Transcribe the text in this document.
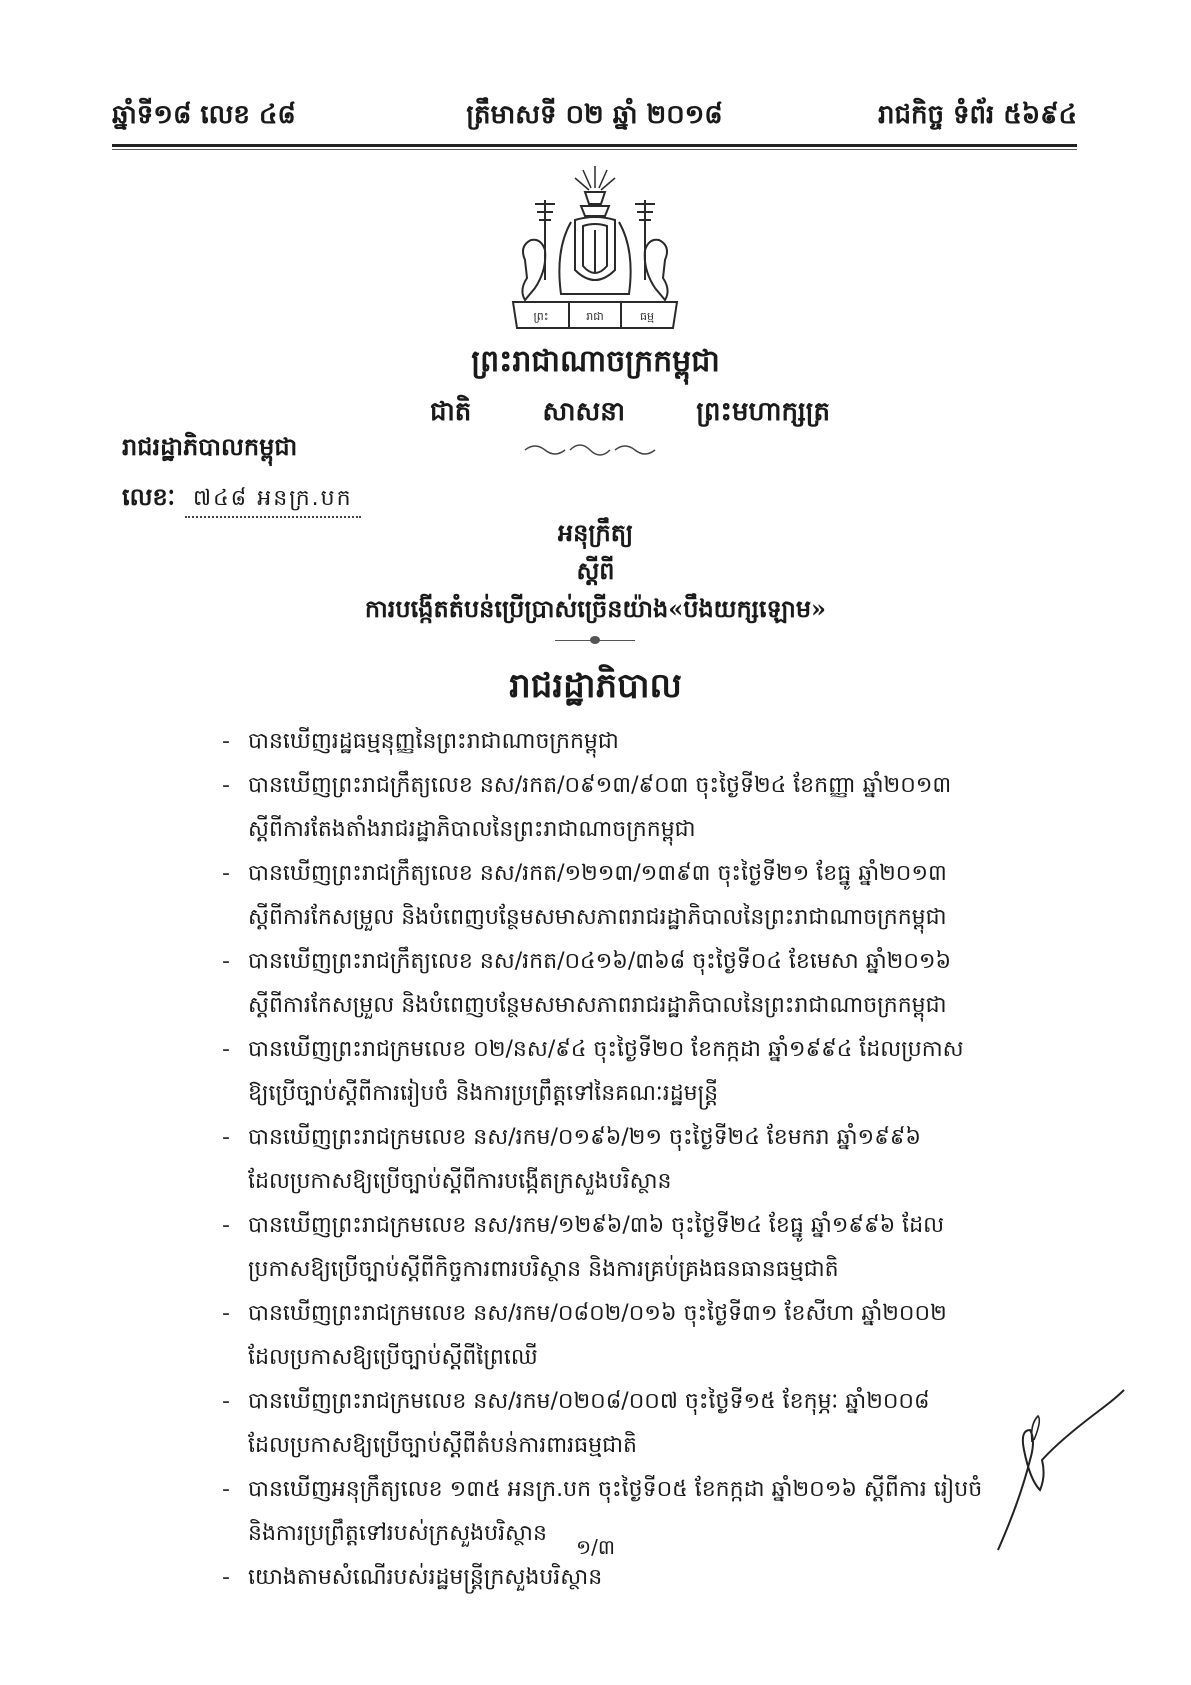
ឆ្នាំទី១៨ លេខ ៤៨	ត្រឹមាសទី ០២ ឆ្នាំ ២០១៨	រាជកិច្ច ទំព័រ ៥៦៩៤
ព្រះ	រាជា	ធម្ម
ព្រះរាជាណាចក្រកម្ពុជា
ជាតិ	សាសនា	ព្រះមហាក្សត្រ
រាជរដ្ឋាភិបាលកម្ពុជា
លេខៈ ៧៤៨ អនក្រ.បក
អនុក្រឹត្យ
ស្តីពី
ការបង្កើតតំបន់ប្រើប្រាស់ច្រើនយ៉ាង«បឹងយក្សឡោម»
រាជរដ្ឋាភិបាល
- បានឃើញរដ្ឋធម្មនុញ្ញនៃព្រះរាជាណាចក្រកម្ពុជា
- បានឃើញព្រះរាជក្រឹត្យលេខ នស/រកត/០៩១៣/៩០៣ ចុះថ្ងៃទី២៤ ខែកញ្ញា ឆ្នាំ២០១៣
ស្តីពីការតែងតាំងរាជរដ្ឋាភិបាលនៃព្រះរាជាណាចក្រកម្ពុជា
- បានឃើញព្រះរាជក្រឹត្យលេខ នស/រកត/១២១៣/១៣៩៣ ចុះថ្ងៃទី២១ ខែធ្នូ ឆ្នាំ២០១៣
ស្តីពីការកែសម្រួល និងបំពេញបន្ថែមសមាសភាពរាជរដ្ឋាភិបាលនៃព្រះរាជាណាចក្រកម្ពុជា
- បានឃើញព្រះរាជក្រឹត្យលេខ នស/រកត/០៤១៦/៣៦៨ ចុះថ្ងៃទី០៤ ខែមេសា ឆ្នាំ២០១៦
ស្តីពីការកែសម្រួល និងបំពេញបន្ថែមសមាសភាពរាជរដ្ឋាភិបាលនៃព្រះរាជាណាចក្រកម្ពុជា
- បានឃើញព្រះរាជក្រមលេខ ០២/នស/៩៤ ចុះថ្ងៃទី២០ ខែកក្កដា ឆ្នាំ១៩៩៤ ដែលប្រកាស
ឱ្យប្រើច្បាប់ស្តីពីការរៀបចំ និងការប្រព្រឹត្តទៅនៃគណៈរដ្ឋមន្ត្រី
- បានឃើញព្រះរាជក្រមលេខ នស/រកម/០១៩៦/២១ ចុះថ្ងៃទី២៤ ខែមករា ឆ្នាំ១៩៩៦
ដែលប្រកាសឱ្យប្រើច្បាប់ស្តីពីការបង្កើតក្រសួងបរិស្ថាន
- បានឃើញព្រះរាជក្រមលេខ នស/រកម/១២៩៦/៣៦ ចុះថ្ងៃទី២៤ ខែធ្នូ ឆ្នាំ១៩៩៦ ដែល
ប្រកាសឱ្យប្រើច្បាប់ស្តីពីកិច្ចការពារបរិស្ថាន និងការគ្រប់គ្រងធនធានធម្មជាតិ
- បានឃើញព្រះរាជក្រមលេខ នស/រកម/០៨០២/០១៦ ចុះថ្ងៃទី៣១ ខែសីហា ឆ្នាំ២០០២
ដែលប្រកាសឱ្យប្រើច្បាប់ស្តីពីព្រៃឈើ
- បានឃើញព្រះរាជក្រមលេខ នស/រកម/០២០៨/០០៧ ចុះថ្ងៃទី១៥ ខែកុម្ភៈ ឆ្នាំ២០០៨
ដែលប្រកាសឱ្យប្រើច្បាប់ស្តីពីតំបន់ការពារធម្មជាតិ
- បានឃើញអនុក្រឹត្យលេខ ១៣៥ អនក្រ.បក ចុះថ្ងៃទី០៥ ខែកក្កដា ឆ្នាំ២០១៦ ស្តីពីការ រៀបចំ
និងការប្រព្រឹត្តទៅរបស់ក្រសួងបរិស្ថាន
- យោងតាមសំណើរបស់រដ្ឋមន្ត្រីក្រសួងបរិស្ថាន
១/៣
